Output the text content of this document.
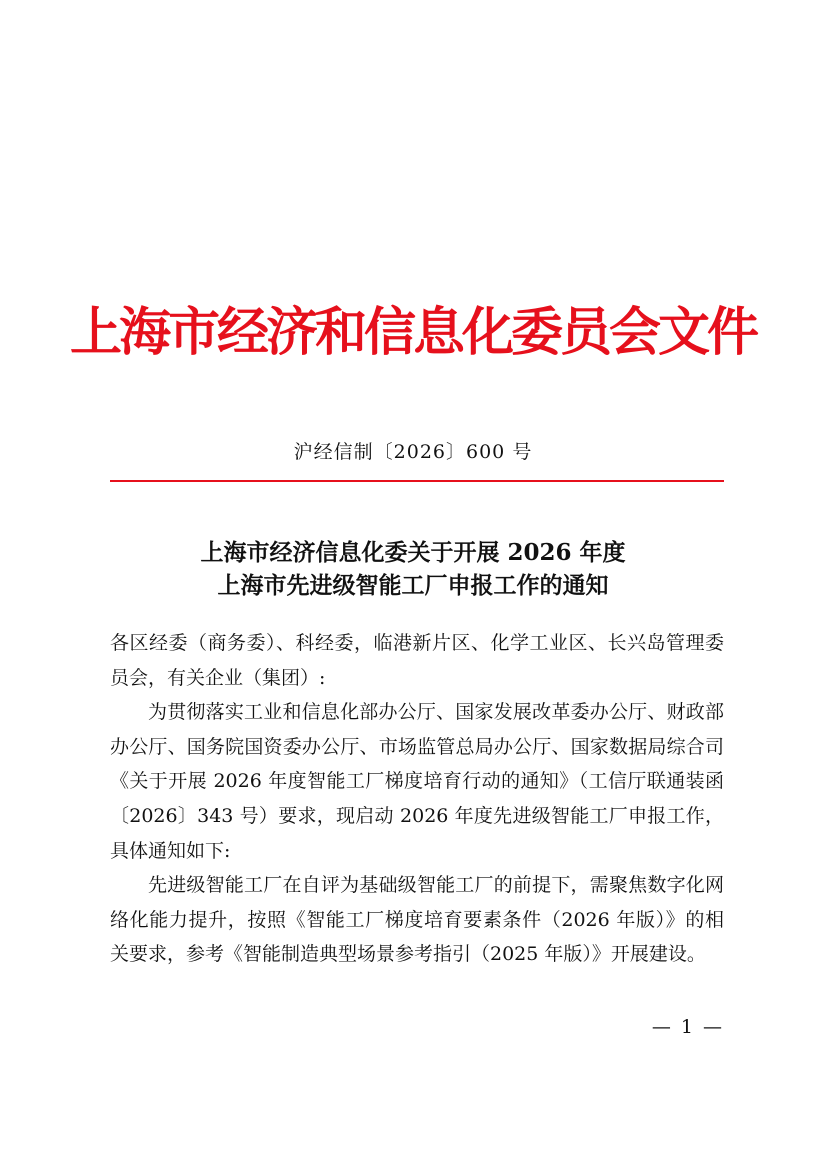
上海市经济和信息化委员会文件
沪经信制〔2026〕600 号
上海市经济信息化委关于开展 2026 年度
上海市先进级智能工厂申报工作的通知

各区经委（商务委）、科经委，临港新片区、化学工业区、长兴岛管理委员会，有关企业（集团）:

为贯彻落实工业和信息化部办公厅、国家发展改革委办公厅、财政部办公厅、国务院国资委办公厅、市场监管总局办公厅、国家数据局综合司《关于开展 2026 年度智能工厂梯度培育行动的通知》（工信厅联通装函〔2026〕343 号）要求，现启动 2026 年度先进级智能工厂申报工作，具体通知如下:

先进级智能工厂在自评为基础级智能工厂的前提下，需聚焦数字化网络化能力提升，按照《智能工厂梯度培育要素条件（2026 年版）》的相关要求，参考《智能制造典型场景参考指引（2025 年版）》开展建设。

— 1 —
